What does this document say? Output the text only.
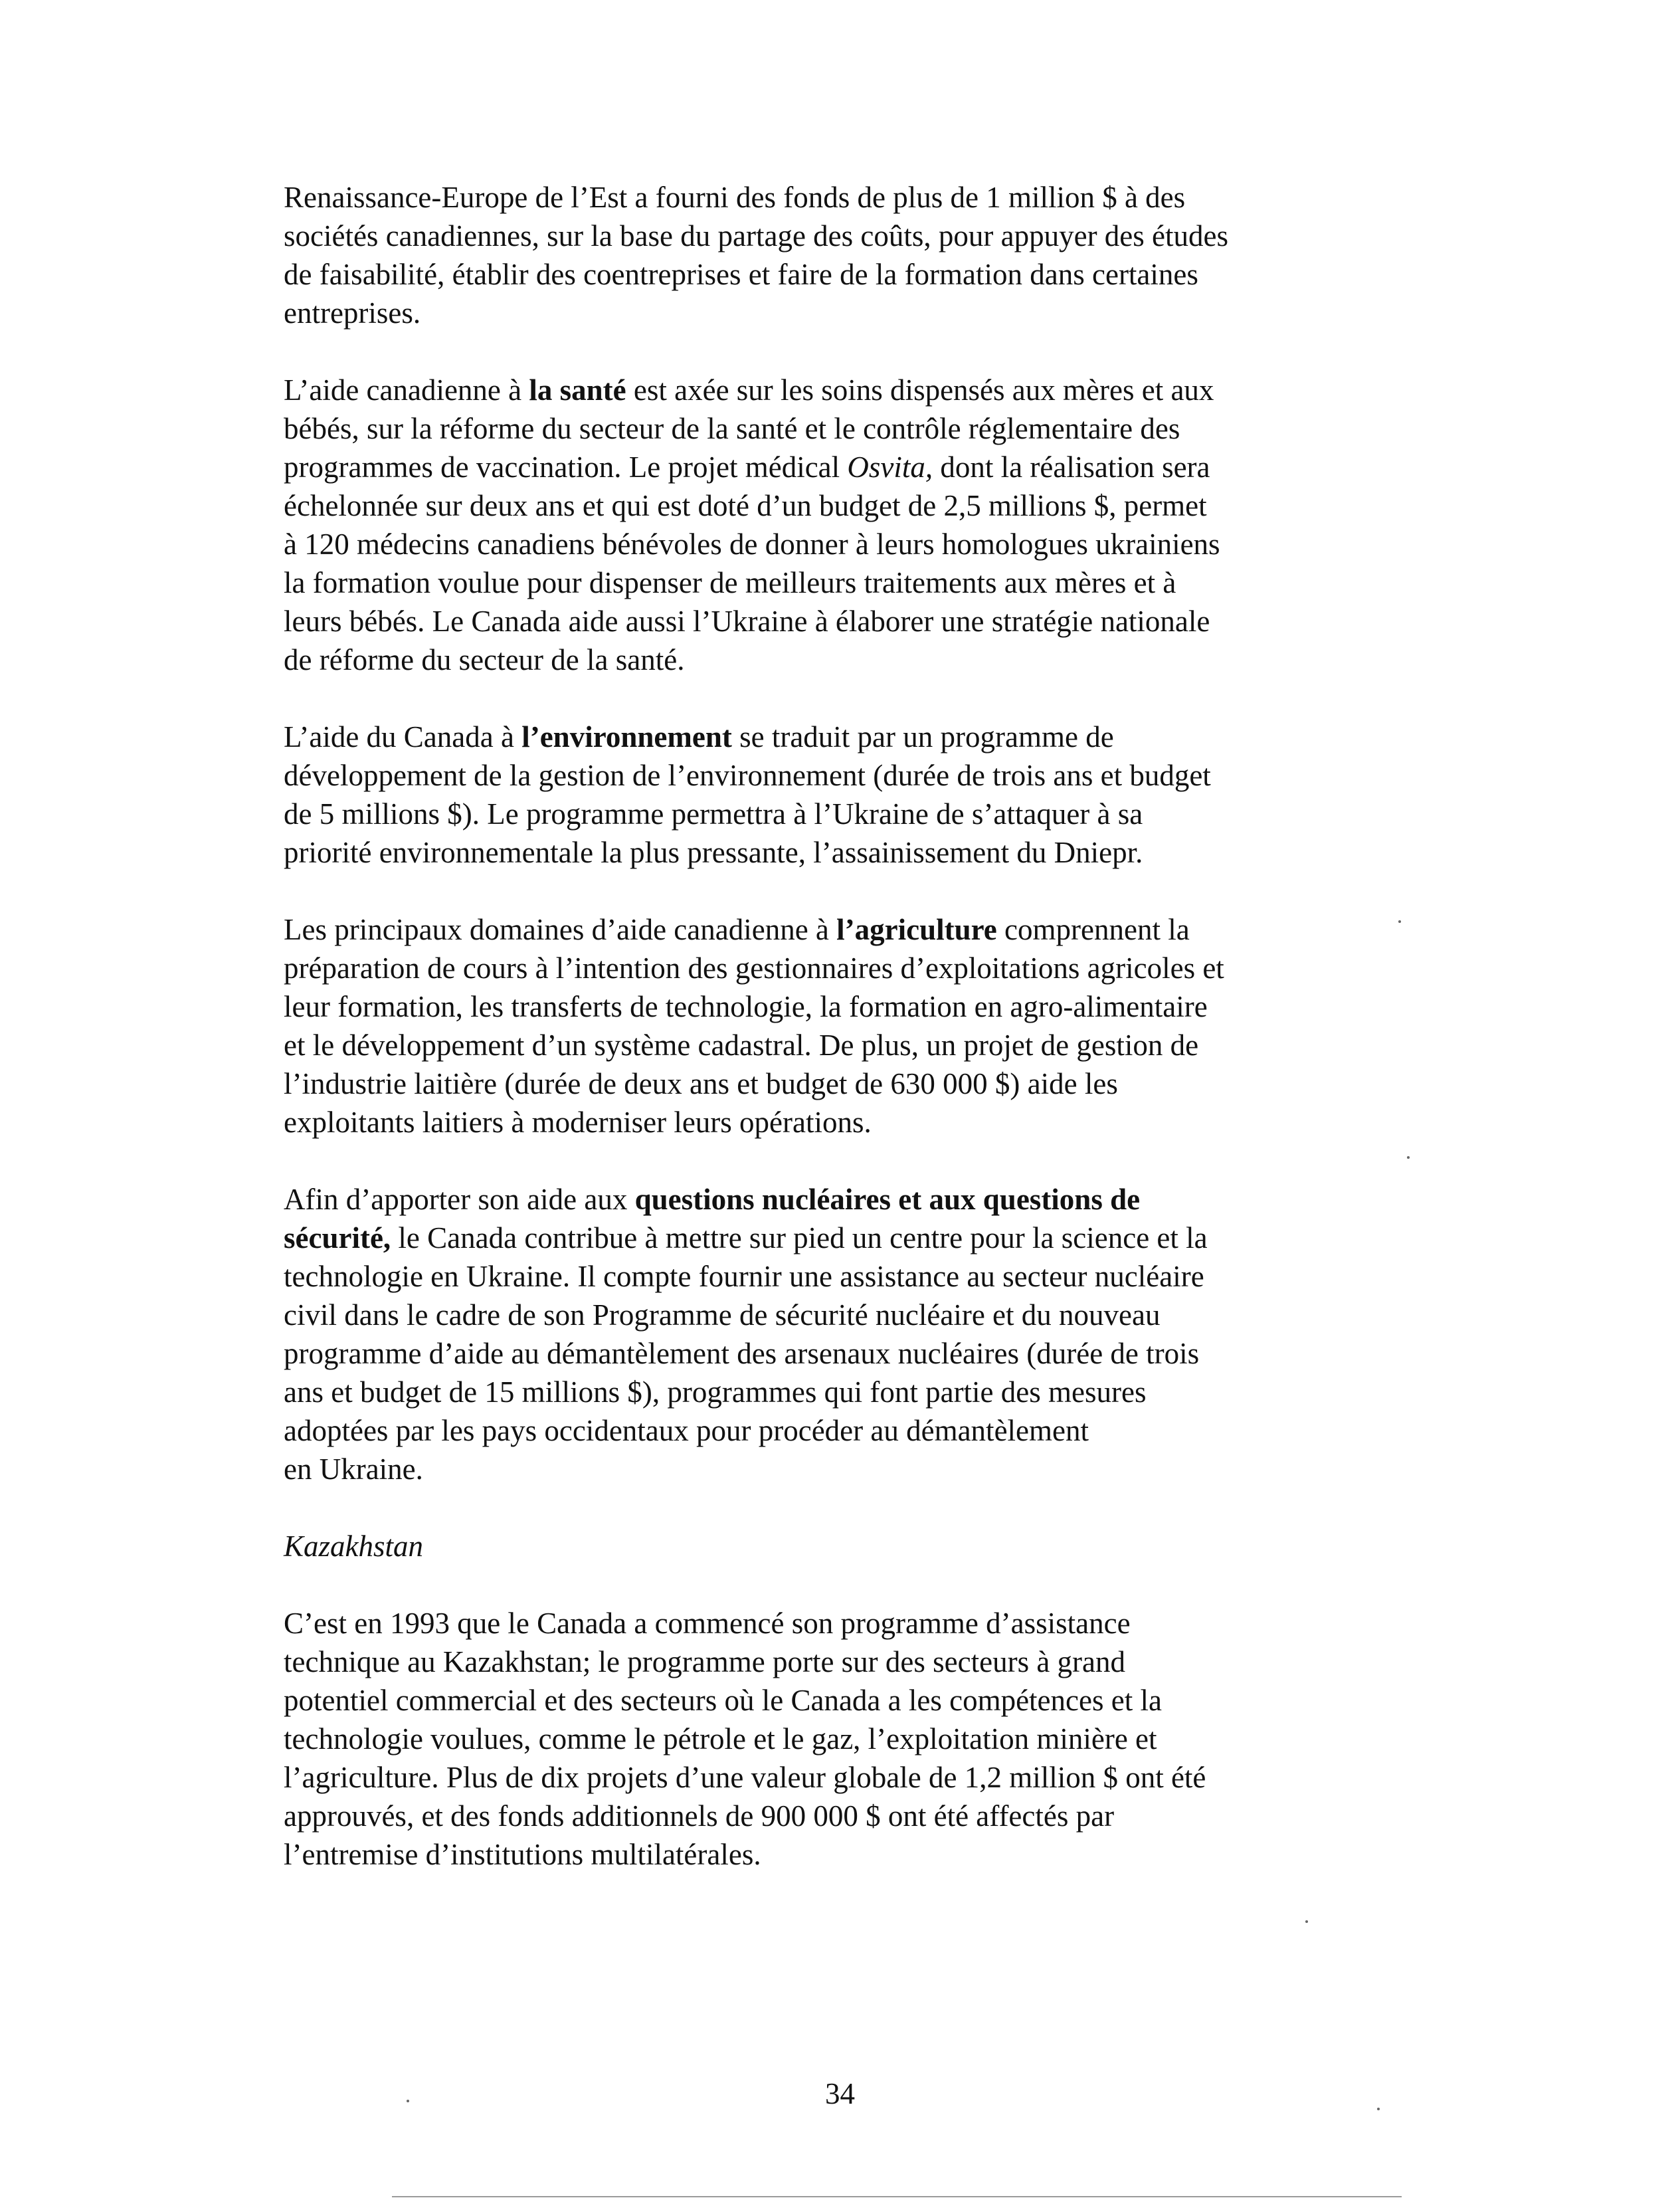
Renaissance-Europe de l’Est a fourni des fonds de plus de 1 million $ à des
sociétés canadiennes, sur la base du partage des coûts, pour appuyer des études
de faisabilité, établir des coentreprises et faire de la formation dans certaines
entreprises.

L’aide canadienne à la santé est axée sur les soins dispensés aux mères et aux
bébés, sur la réforme du secteur de la santé et le contrôle réglementaire des
programmes de vaccination. Le projet médical Osvita, dont la réalisation sera
échelonnée sur deux ans et qui est doté d’un budget de 2,5 millions $, permet
à 120 médecins canadiens bénévoles de donner à leurs homologues ukrainiens
la formation voulue pour dispenser de meilleurs traitements aux mères et à
leurs bébés. Le Canada aide aussi l’Ukraine à élaborer une stratégie nationale
de réforme du secteur de la santé.

L’aide du Canada à l’environnement se traduit par un programme de
développement de la gestion de l’environnement (durée de trois ans et budget
de 5 millions $). Le programme permettra à l’Ukraine de s’attaquer à sa
priorité environnementale la plus pressante, l’assainissement du Dniepr.

Les principaux domaines d’aide canadienne à l’agriculture comprennent la
préparation de cours à l’intention des gestionnaires d’exploitations agricoles et
leur formation, les transferts de technologie, la formation en agro-alimentaire
et le développement d’un système cadastral. De plus, un projet de gestion de
l’industrie laitière (durée de deux ans et budget de 630 000 $) aide les
exploitants laitiers à moderniser leurs opérations.

Afin d’apporter son aide aux questions nucléaires et aux questions de
sécurité, le Canada contribue à mettre sur pied un centre pour la science et la
technologie en Ukraine. Il compte fournir une assistance au secteur nucléaire
civil dans le cadre de son Programme de sécurité nucléaire et du nouveau
programme d’aide au démantèlement des arsenaux nucléaires (durée de trois
ans et budget de 15 millions $), programmes qui font partie des mesures
adoptées par les pays occidentaux pour procéder au démantèlement
en Ukraine.

Kazakhstan

C’est en 1993 que le Canada a commencé son programme d’assistance
technique au Kazakhstan; le programme porte sur des secteurs à grand
potentiel commercial et des secteurs où le Canada a les compétences et la
technologie voulues, comme le pétrole et le gaz, l’exploitation minière et
l’agriculture. Plus de dix projets d’une valeur globale de 1,2 million $ ont été
approuvés, et des fonds additionnels de 900 000 $ ont été affectés par
l’entremise d’institutions multilatérales.

34
